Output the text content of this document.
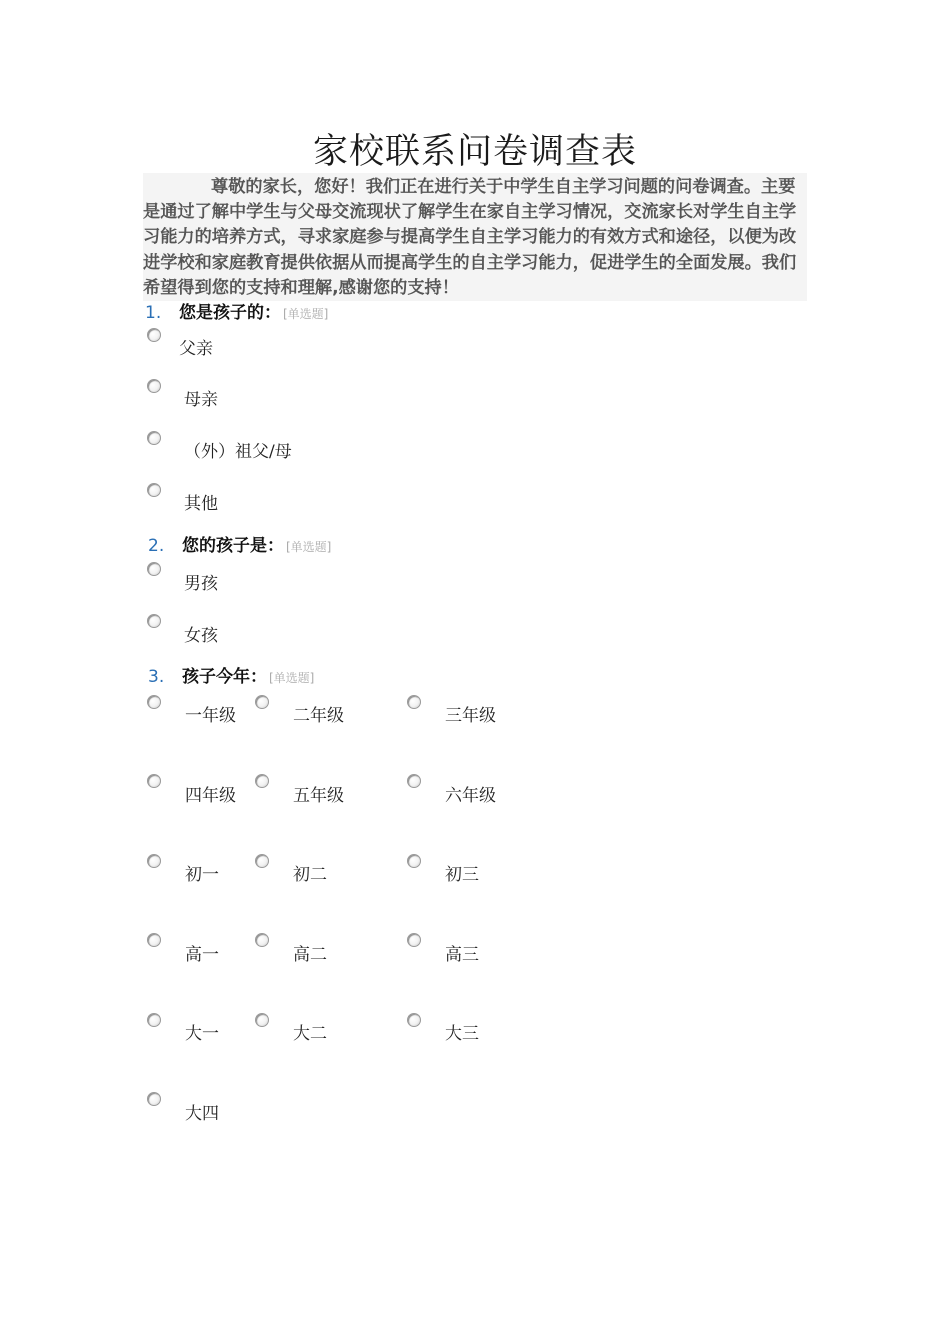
家校联系问卷调查表
尊敬的家长，您好！我们正在进行关于中学生自主学习问题的问卷调查。主要是通过了解中学生与父母交流现状了解学生在家自主学习情况，交流家长对学生自主学习能力的培养方式，寻求家庭参与提高学生自主学习能力的有效方式和途径，以便为改进学校和家庭教育提供依据从而提高学生的自主学习能力，促进学生的全面发展。我们希望得到您的支持和理解,感谢您的支持！
1. 您是孩子的： [单选题]
父亲
母亲
（外）祖父/母
其他
2. 您的孩子是： [单选题]
男孩
女孩
3. 孩子今年： [单选题]
一年级	二年级	三年级
四年级	五年级	六年级
初一	初二	初三
高一	高二	高三
大一	大二	大三
大四
